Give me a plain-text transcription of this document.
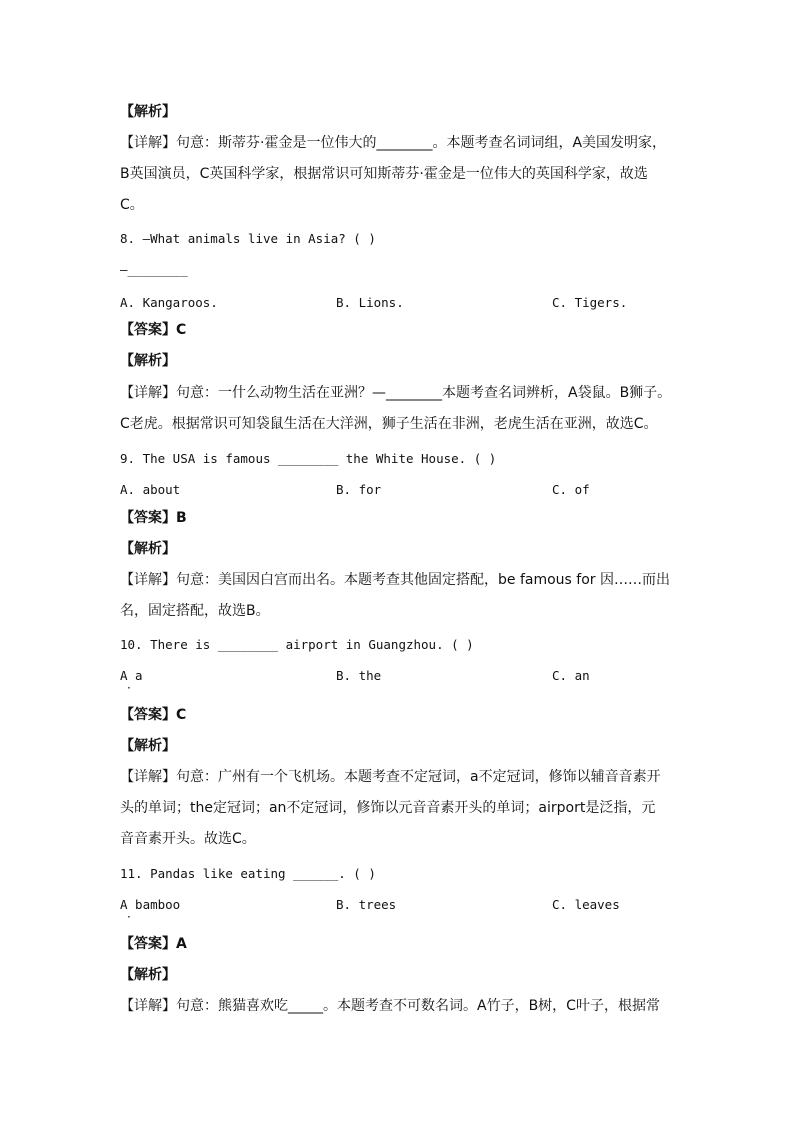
【解析】
【详解】句意：斯蒂芬·霍金是一位伟大的________。本题考查名词词组，A美国发明家，
B英国演员，C英国科学家，根据常识可知斯蒂芬·霍金是一位伟大的英国科学家，故选
C。
8. —What animals live in Asia? ( )
—________
A. Kangaroos.	B. Lions.	C. Tigers.
【答案】C
【解析】
【详解】句意：一什么动物生活在亚洲？—________本题考查名词辨析，A袋鼠。B狮子。
C老虎。根据常识可知袋鼠生活在大洋洲，狮子生活在非洲，老虎生活在亚洲，故选C。
9. The USA is famous ________ the White House. ( )
A. about	B. for	C. of
【答案】B
【解析】
【详解】句意：美国因白宫而出名。本题考查其他固定搭配，be famous for 因……而出
名，固定搭配，故选B。
10. There is ________ airport in Guangzhou. ( )
A a
·
B. the	C. an
【答案】C
【解析】
【详解】句意：广州有一个飞机场。本题考查不定冠词，a不定冠词，修饰以辅音音素开
头的单词；the定冠词；an不定冠词，修饰以元音音素开头的单词；airport是泛指，元
音音素开头。故选C。
11. Pandas like eating ______. ( )
A bamboo
·
B. trees	C. leaves
【答案】A
【解析】
【详解】句意：熊猫喜欢吃_____。本题考查不可数名词。A竹子，B树，C叶子，根据常
